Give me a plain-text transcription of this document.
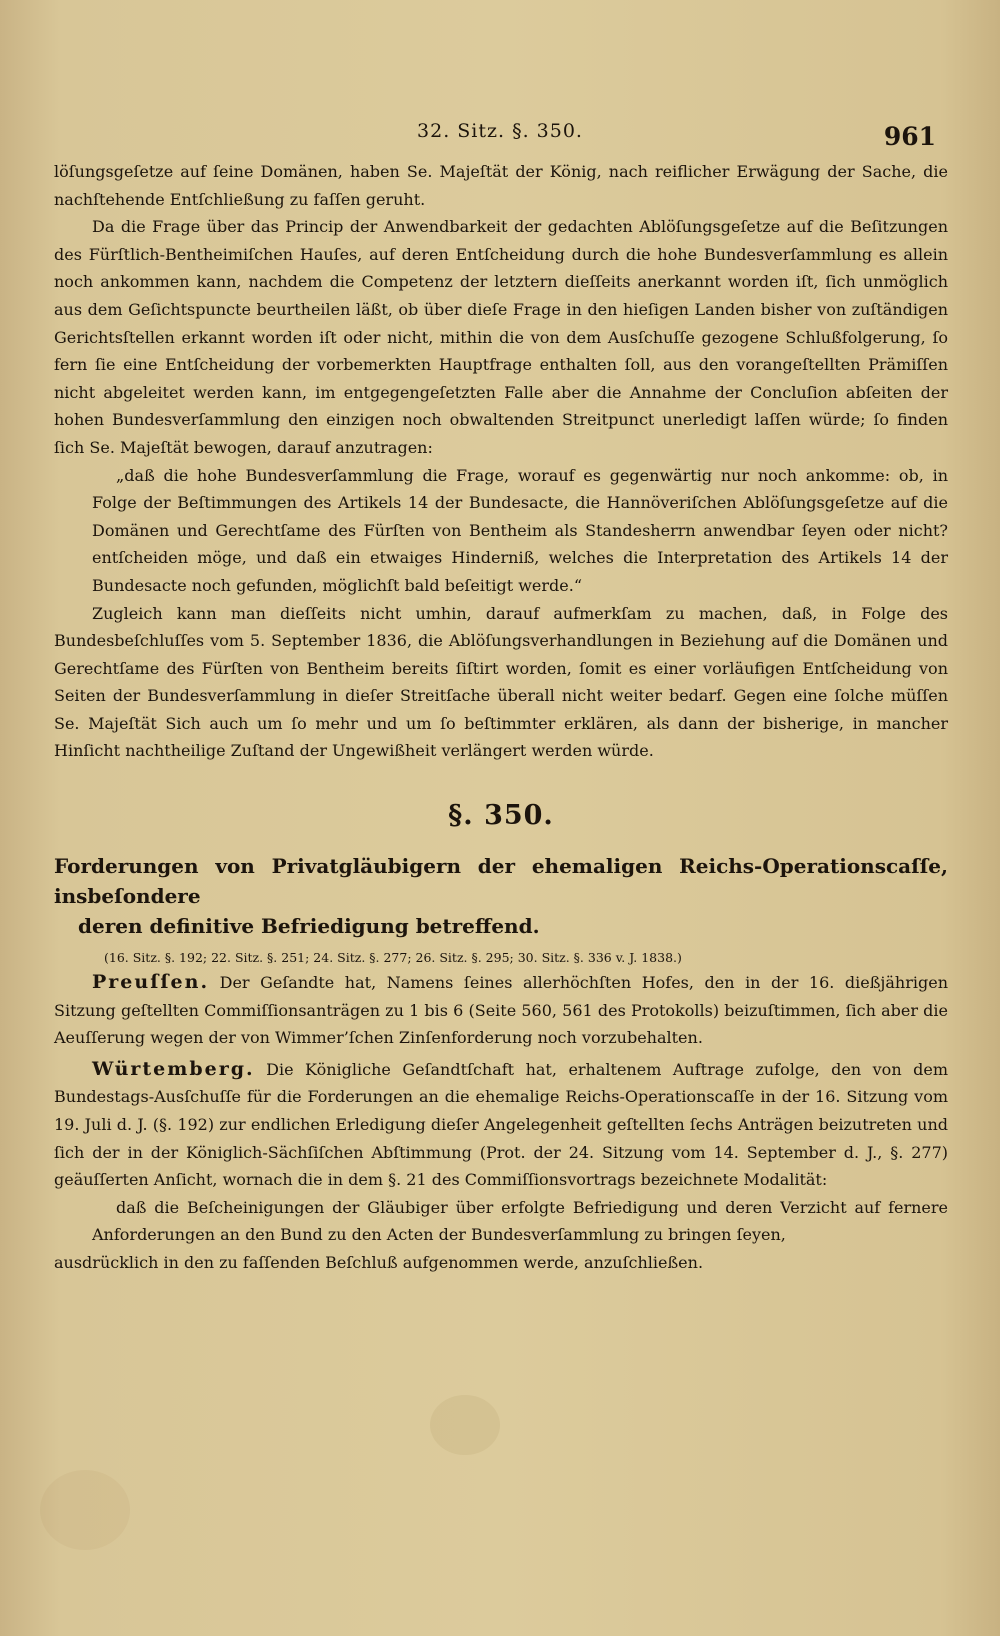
32. Sitz. §. 350.	961

löſungsgeſetze auf ſeine Domänen, haben Se. Majeſtät der König, nach reiflicher Erwägung der Sache, die nachſtehende Entſchließung zu faſſen geruht.

Da die Frage über das Princip der Anwendbarkeit der gedachten Ablöſungsgeſetze auf die Beſitzungen des Fürſtlich-Bentheimiſchen Hauſes, auf deren Entſcheidung durch die hohe Bundesverſammlung es allein noch ankommen kann, nachdem die Competenz der letztern dieſſeits anerkannt worden iſt, ſich unmöglich aus dem Geſichtspuncte beurtheilen läßt, ob über dieſe Frage in den hieſigen Landen bisher von zuſtändigen Gerichtsſtellen erkannt worden iſt oder nicht, mithin die von dem Ausſchuſſe gezogene Schlußfolgerung, ſo fern ſie eine Entſcheidung der vorbemerkten Hauptfrage enthalten ſoll, aus den vorangeſtellten Prämiſſen nicht abgeleitet werden kann, im entgegengeſetzten Falle aber die Annahme der Concluſion abſeiten der hohen Bundesverſammlung den einzigen noch obwaltenden Streitpunct unerledigt laſſen würde; ſo finden ſich Se. Majeſtät bewogen, darauf anzutragen:

„daß die hohe Bundesverſammlung die Frage, worauf es gegenwärtig nur noch ankomme: ob, in Folge der Beſtimmungen des Artikels 14 der Bundesacte, die Hannöveriſchen Ablöſungsgeſetze auf die Domänen und Gerechtſame des Fürſten von Bentheim als Standesherrn anwendbar ſeyen oder nicht? entſcheiden möge, und daß ein etwaiges Hinderniß, welches die Interpretation des Artikels 14 der Bundesacte noch gefunden, möglichſt bald beſeitigt werde.“

Zugleich kann man dieſſeits nicht umhin, darauf aufmerkſam zu machen, daß, in Folge des Bundesbeſchluſſes vom 5. September 1836, die Ablöſungsverhandlungen in Beziehung auf die Domänen und Gerechtſame des Fürſten von Bentheim bereits ſiſtirt worden, ſomit es einer vorläufigen Entſcheidung von Seiten der Bundesverſammlung in dieſer Streitſache überall nicht weiter bedarf. Gegen eine ſolche müſſen Se. Majeſtät Sich auch um ſo mehr und um ſo beſtimmter erklären, als dann der bisherige, in mancher Hinſicht nachtheilige Zuſtand der Ungewißheit verlängert werden würde.

§. 350.
Forderungen von Privatgläubigern der ehemaligen Reichs-Operationscaſſe, insbeſondere
deren definitive Befriedigung betreffend.

(16. Sitz. §. 192; 22. Sitz. §. 251; 24. Sitz. §. 277; 26. Sitz. §. 295; 30. Sitz. §. 336 v. J. 1838.)

Preuſſen. Der Geſandte hat, Namens ſeines allerhöchſten Hofes, den in der 16. dießjährigen Sitzung geſtellten Commiſſionsanträgen zu 1 bis 6 (Seite 560, 561 des Protokolls) beizuſtimmen, ſich aber die Aeuſſerung wegen der von Wimmer’ſchen Zinſenforderung noch vorzubehalten.

Würtemberg. Die Königliche Geſandtſchaft hat, erhaltenem Auftrage zufolge, den von dem Bundestags-Ausſchuſſe für die Forderungen an die ehemalige Reichs-Operationscaſſe in der 16. Sitzung vom 19. Juli d. J. (§. 192) zur endlichen Erledigung dieſer Angelegenheit geſtellten ſechs Anträgen beizutreten und ſich der in der Königlich-Sächſiſchen Abſtimmung (Prot. der 24. Sitzung vom 14. September d. J., §. 277) geäuſſerten Anſicht, wornach die in dem §. 21 des Commiſſionsvortrags bezeichnete Modalität:

daß die Beſcheinigungen der Gläubiger über erfolgte Befriedigung und deren Verzicht auf fernere Anforderungen an den Bund zu den Acten der Bundesverſammlung zu bringen ſeyen,

ausdrücklich in den zu faſſenden Beſchluß aufgenommen werde, anzuſchließen.
